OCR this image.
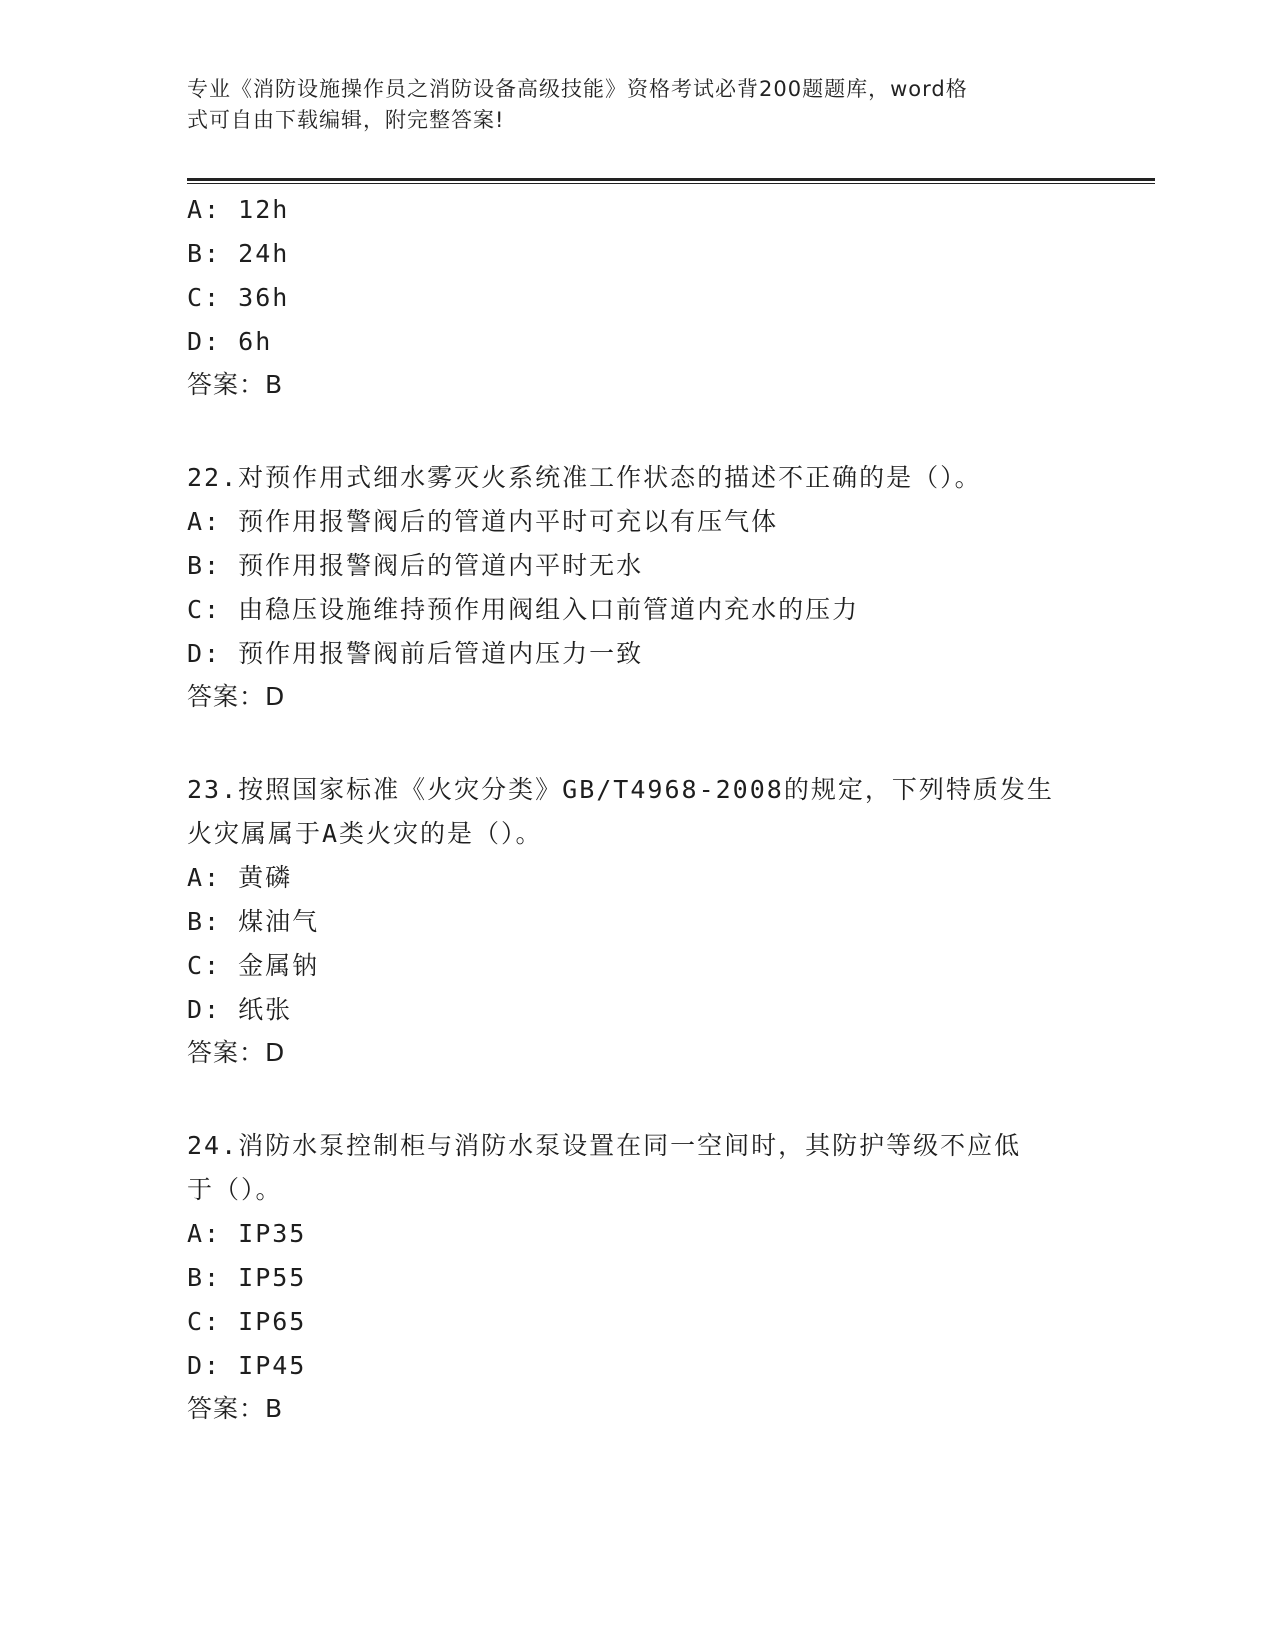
专业《消防设施操作员之消防设备高级技能》资格考试必背200题题库，word格
式可自由下载编辑，附完整答案!
A: 12h
B: 24h
C: 36h
D: 6h
答案：B
22.对预作用式细水雾灭火系统准工作状态的描述不正确的是（）。
A: 预作用报警阀后的管道内平时可充以有压气体
B: 预作用报警阀后的管道内平时无水
C: 由稳压设施维持预作用阀组入口前管道内充水的压力
D: 预作用报警阀前后管道内压力一致
答案：D
23.按照国家标准《火灾分类》GB/T4968-2008的规定，下列特质发生
火灾属属于A类火灾的是（）。
A: 黄磷
B: 煤油气
C: 金属钠
D: 纸张
答案：D
24.消防水泵控制柜与消防水泵设置在同一空间时，其防护等级不应低
于（）。
A: IP35
B: IP55
C: IP65
D: IP45
答案：B
